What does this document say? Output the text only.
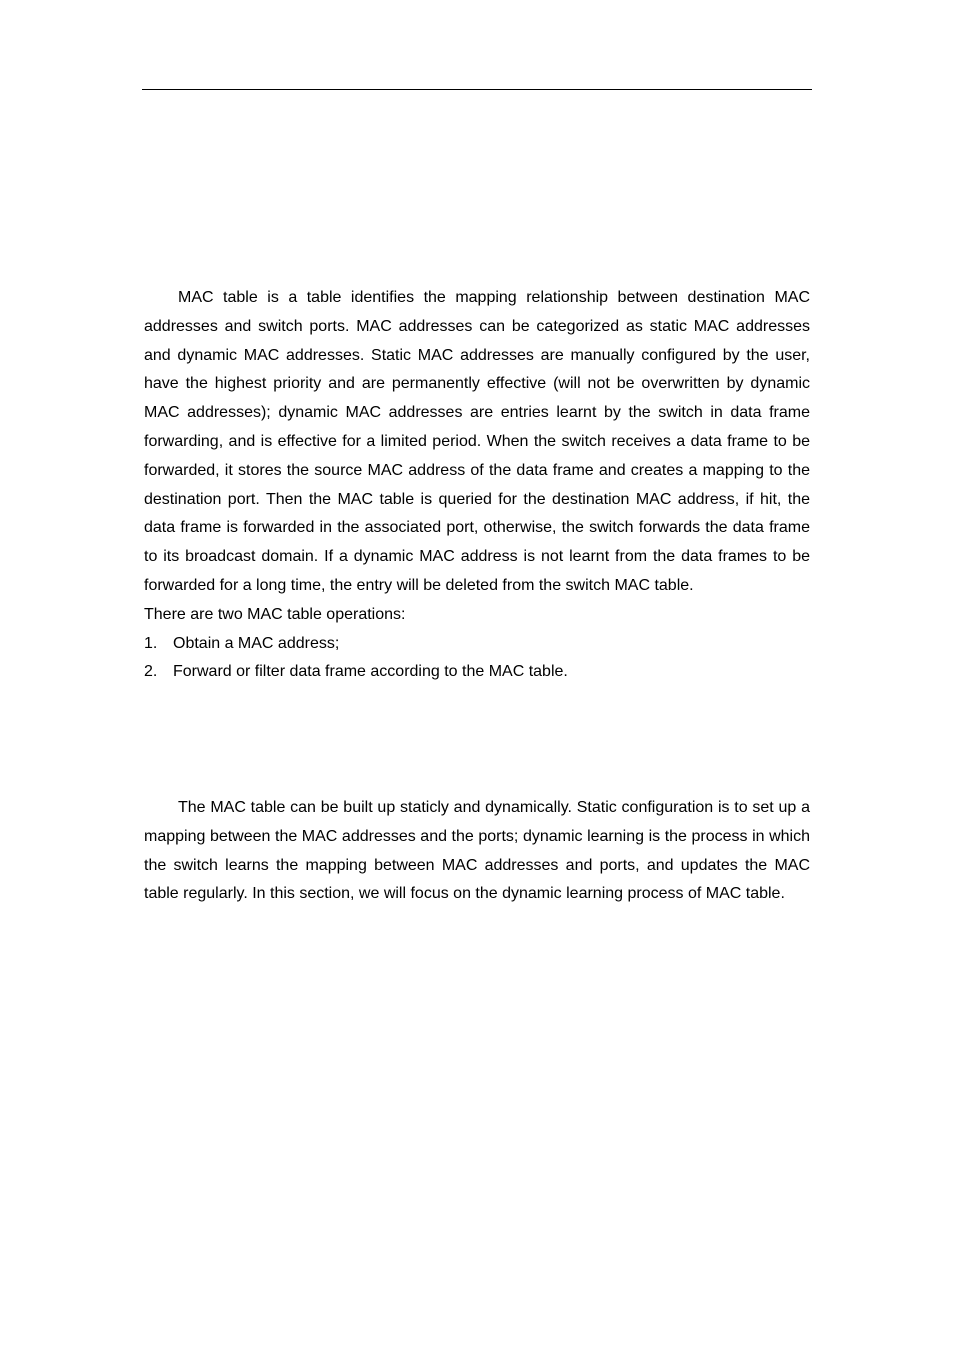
MAC table is a table identifies the mapping relationship between destination MAC addresses and switch ports. MAC addresses can be categorized as static MAC addresses and dynamic MAC addresses. Static MAC addresses are manually configured by the user, have the highest priority and are permanently effective (will not be overwritten by dynamic MAC addresses); dynamic MAC addresses are entries learnt by the switch in data frame forwarding, and is effective for a limited period. When the switch receives a data frame to be forwarded, it stores the source MAC address of the data frame and creates a mapping to the destination port. Then the MAC table is queried for the destination MAC address, if hit, the data frame is forwarded in the associated port, otherwise, the switch forwards the data frame to its broadcast domain. If a dynamic MAC address is not learnt from the data frames to be forwarded for a long time, the entry will be deleted from the switch MAC table.

There are two MAC table operations:

1. Obtain a MAC address;
2. Forward or filter data frame according to the MAC table.

The MAC table can be built up staticly and dynamically. Static configuration is to set up a mapping between the MAC addresses and the ports; dynamic learning is the process in which the switch learns the mapping between MAC addresses and ports, and updates the MAC table regularly. In this section, we will focus on the dynamic learning process of MAC table.
